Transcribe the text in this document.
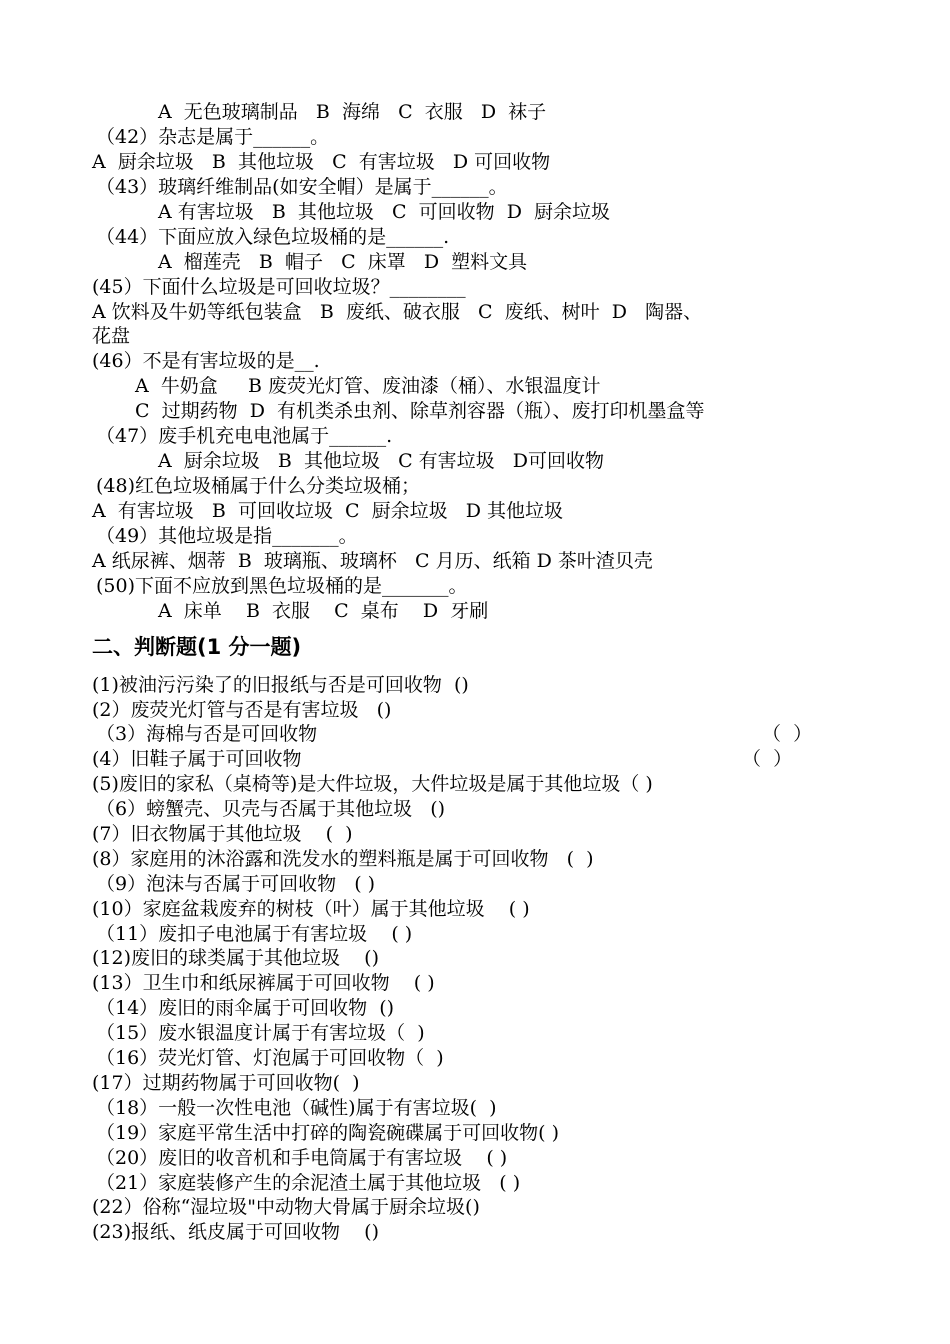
A  无色玻璃制品   B  海绵   C  衣服   D  袜子
（42）杂志是属于______。
A  厨余垃圾   B  其他垃圾   C  有害垃圾   D 可回收物
（43）玻璃纤维制品(如安全帽）是属于______。
A 有害垃圾   B  其他垃圾   C  可回收物  D  厨余垃圾
（44）下面应放入绿色垃圾桶的是______.
A  榴莲壳   B  帽子   C  床罩   D  塑料文具
(45）下面什么垃圾是可回收垃圾？________
A 饮料及牛奶等纸包装盒   B  废纸、破衣服   C  废纸、树叶  D   陶器、
花盘
(46）不是有害垃圾的是__.
A  牛奶盒     B 废荧光灯管、废油漆（桶）、水银温度计
C  过期药物  D  有机类杀虫剂、除草剂容器（瓶）、废打印机墨盒等
（47）废手机充电电池属于______.
A  厨余垃圾   B  其他垃圾   C 有害垃圾   D可回收物
(48)红色垃圾桶属于什么分类垃圾桶；
A  有害垃圾   B  可回收垃圾  C  厨余垃圾   D 其他垃圾
（49）其他垃圾是指_______。
A 纸尿裤、烟蒂  B  玻璃瓶、玻璃杯   C 月历、纸箱 D 茶叶渣贝壳
(50)下面不应放到黑色垃圾桶的是_______。
A  床单    B  衣服    C  桌布    D  牙刷
二、判断题(1 分一题)
(1)被油污污染了的旧报纸与否是可回收物  ()
(2）废荧光灯管与否是有害垃圾   ()
（3）海棉与否是可回收物	（  ）
(4）旧鞋子属于可回收物	（  ）
(5)废旧的家私（桌椅等)是大件垃圾，大件垃圾是属于其他垃圾（ )
（6）螃蟹壳、贝壳与否属于其他垃圾   ()
(7）旧衣物属于其他垃圾    (  )
(8）家庭用的沐浴露和洗发水的塑料瓶是属于可回收物   (  )
（9）泡沫与否属于可回收物   ( )
(10）家庭盆栽废弃的树枝（叶）属于其他垃圾    ( )
（11）废扣子电池属于有害垃圾    ( )
(12)废旧的球类属于其他垃圾    ()
(13）卫生巾和纸尿裤属于可回收物    ( )
（14）废旧的雨伞属于可回收物  ()
（15）废水银温度计属于有害垃圾（  )
（16）荧光灯管、灯泡属于可回收物（  )
(17）过期药物属于可回收物(  )
（18）一般一次性电池（碱性)属于有害垃圾(  )
（19）家庭平常生活中打碎的陶瓷碗碟属于可回收物( )
（20）废旧的收音机和手电筒属于有害垃圾    ( )
（21）家庭装修产生的余泥渣土属于其他垃圾   ( )
(22）俗称“湿垃圾"中动物大骨属于厨余垃圾()
(23)报纸、纸皮属于可回收物    ()
